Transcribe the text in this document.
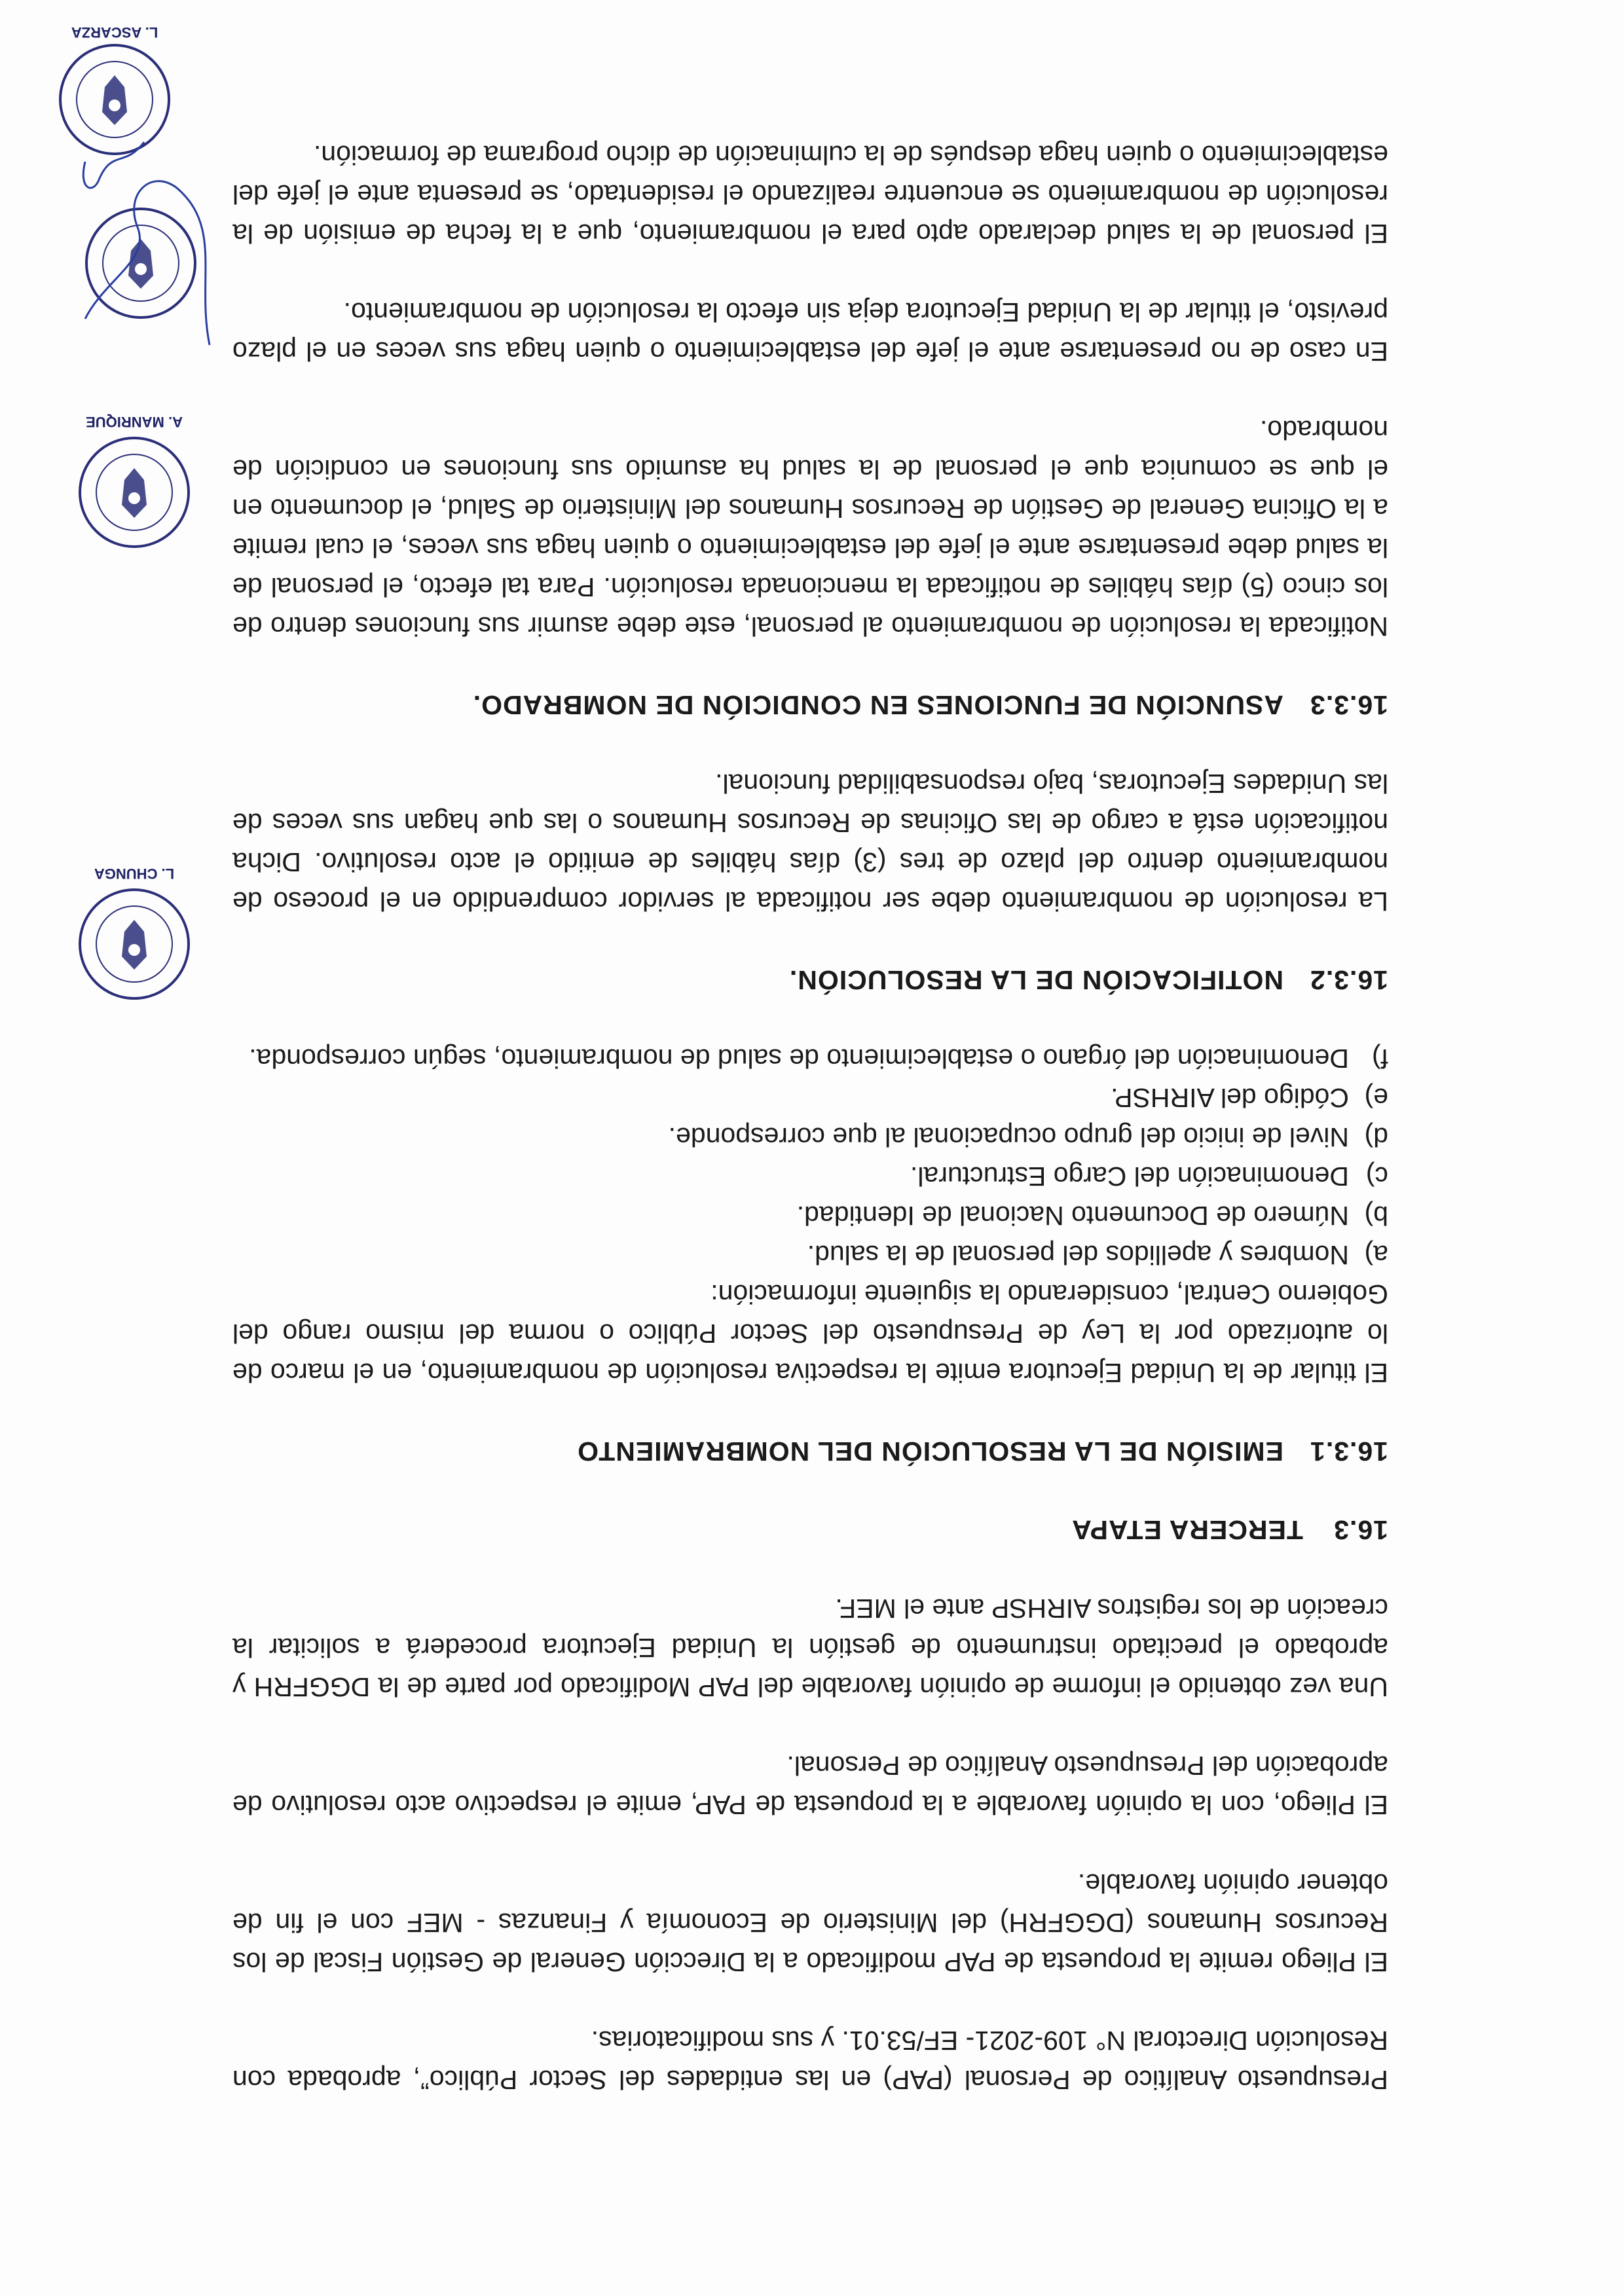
Presupuesto Analítico de Personal (PAP) en las entidades del Sector Público”, aprobada con Resolución Directoral N° 109-2021- EF/53.01. y sus modificatorias.

El Pliego remite la propuesta de PAP modificado a la Dirección General de Gestión Fiscal de los Recursos Humanos (DGGFRH) del Ministerio de Economía y Finanzas - MEF con el fin de obtener opinión favorable.

El Pliego, con la opinión favorable a la propuesta de PAP, emite el respectivo acto resolutivo de aprobación del Presupuesto Analítico de Personal.

Una vez obtenido el informe de opinión favorable del PAP Modificado por parte de la DGGFRH y aprobado el precitado instrumento de gestión la Unidad Ejecutora procederá a solicitar la creación de los registros AIRHSP ante el MEF.

16.3TERCERA ETAPA
16.3.1EMISIÓN DE LA RESOLUCIÓN DEL NOMBRAMIENTO

El titular de la Unidad Ejecutora emite la respectiva resolución de nombramiento, en el marco de lo autorizado por la Ley de Presupuesto del Sector Público o norma del mismo rango del Gobierno Central, considerando la siguiente información:

a)
Nombres y apellidos del personal de la salud.
b)
Número de Documento Nacional de Identidad.
c)
Denominación del Cargo Estructural.
d)
Nivel de inicio del grupo ocupacional al que corresponde.
e)
Código del AIRHSP.
f)
Denominación del órgano o establecimiento de salud de nombramiento, según corresponda.
16.3.2NOTIFICACIÓN DE LA RESOLUCIÓN.

La resolución de nombramiento debe ser notificada al servidor comprendido en el proceso de nombramiento dentro del plazo de tres (3) días hábiles de emitido el acto resolutivo. Dicha notificación está a cargo de las Oficinas de Recursos Humanos o las que hagan sus veces de las Unidades Ejecutoras, bajo responsabilidad funcional.

16.3.3ASUNCIÓN DE FUNCIONES EN CONDICIÓN DE NOMBRADO.

Notificada la resolución de nombramiento al personal, este debe asumir sus funciones dentro de los cinco (5) días hábiles de notificada la mencionada resolución. Para tal efecto, el personal de la salud debe presentarse ante el jefe del establecimiento o quien haga sus veces, el cual remite a la Oficina General de Gestión de Recursos Humanos del Ministerio de Salud, el documento en el que se comunica que el personal de la salud ha asumido sus funciones en condición de nombrado.

En caso de no presentarse ante el jefe del establecimiento o quien haga sus veces en el plazo previsto, el titular de la Unidad Ejecutora deja sin efecto la resolución de nombramiento.

El personal de la salud declarado apto para el nombramiento, que a la fecha de emisión de la resolución de nombramiento se encuentre realizando el residentado, se presenta ante el jefe del establecimiento o quien haga después de la culminación de dicho programa de formación.

L. CHUNGA
A. MANRIQUE
L. ASCARZA
